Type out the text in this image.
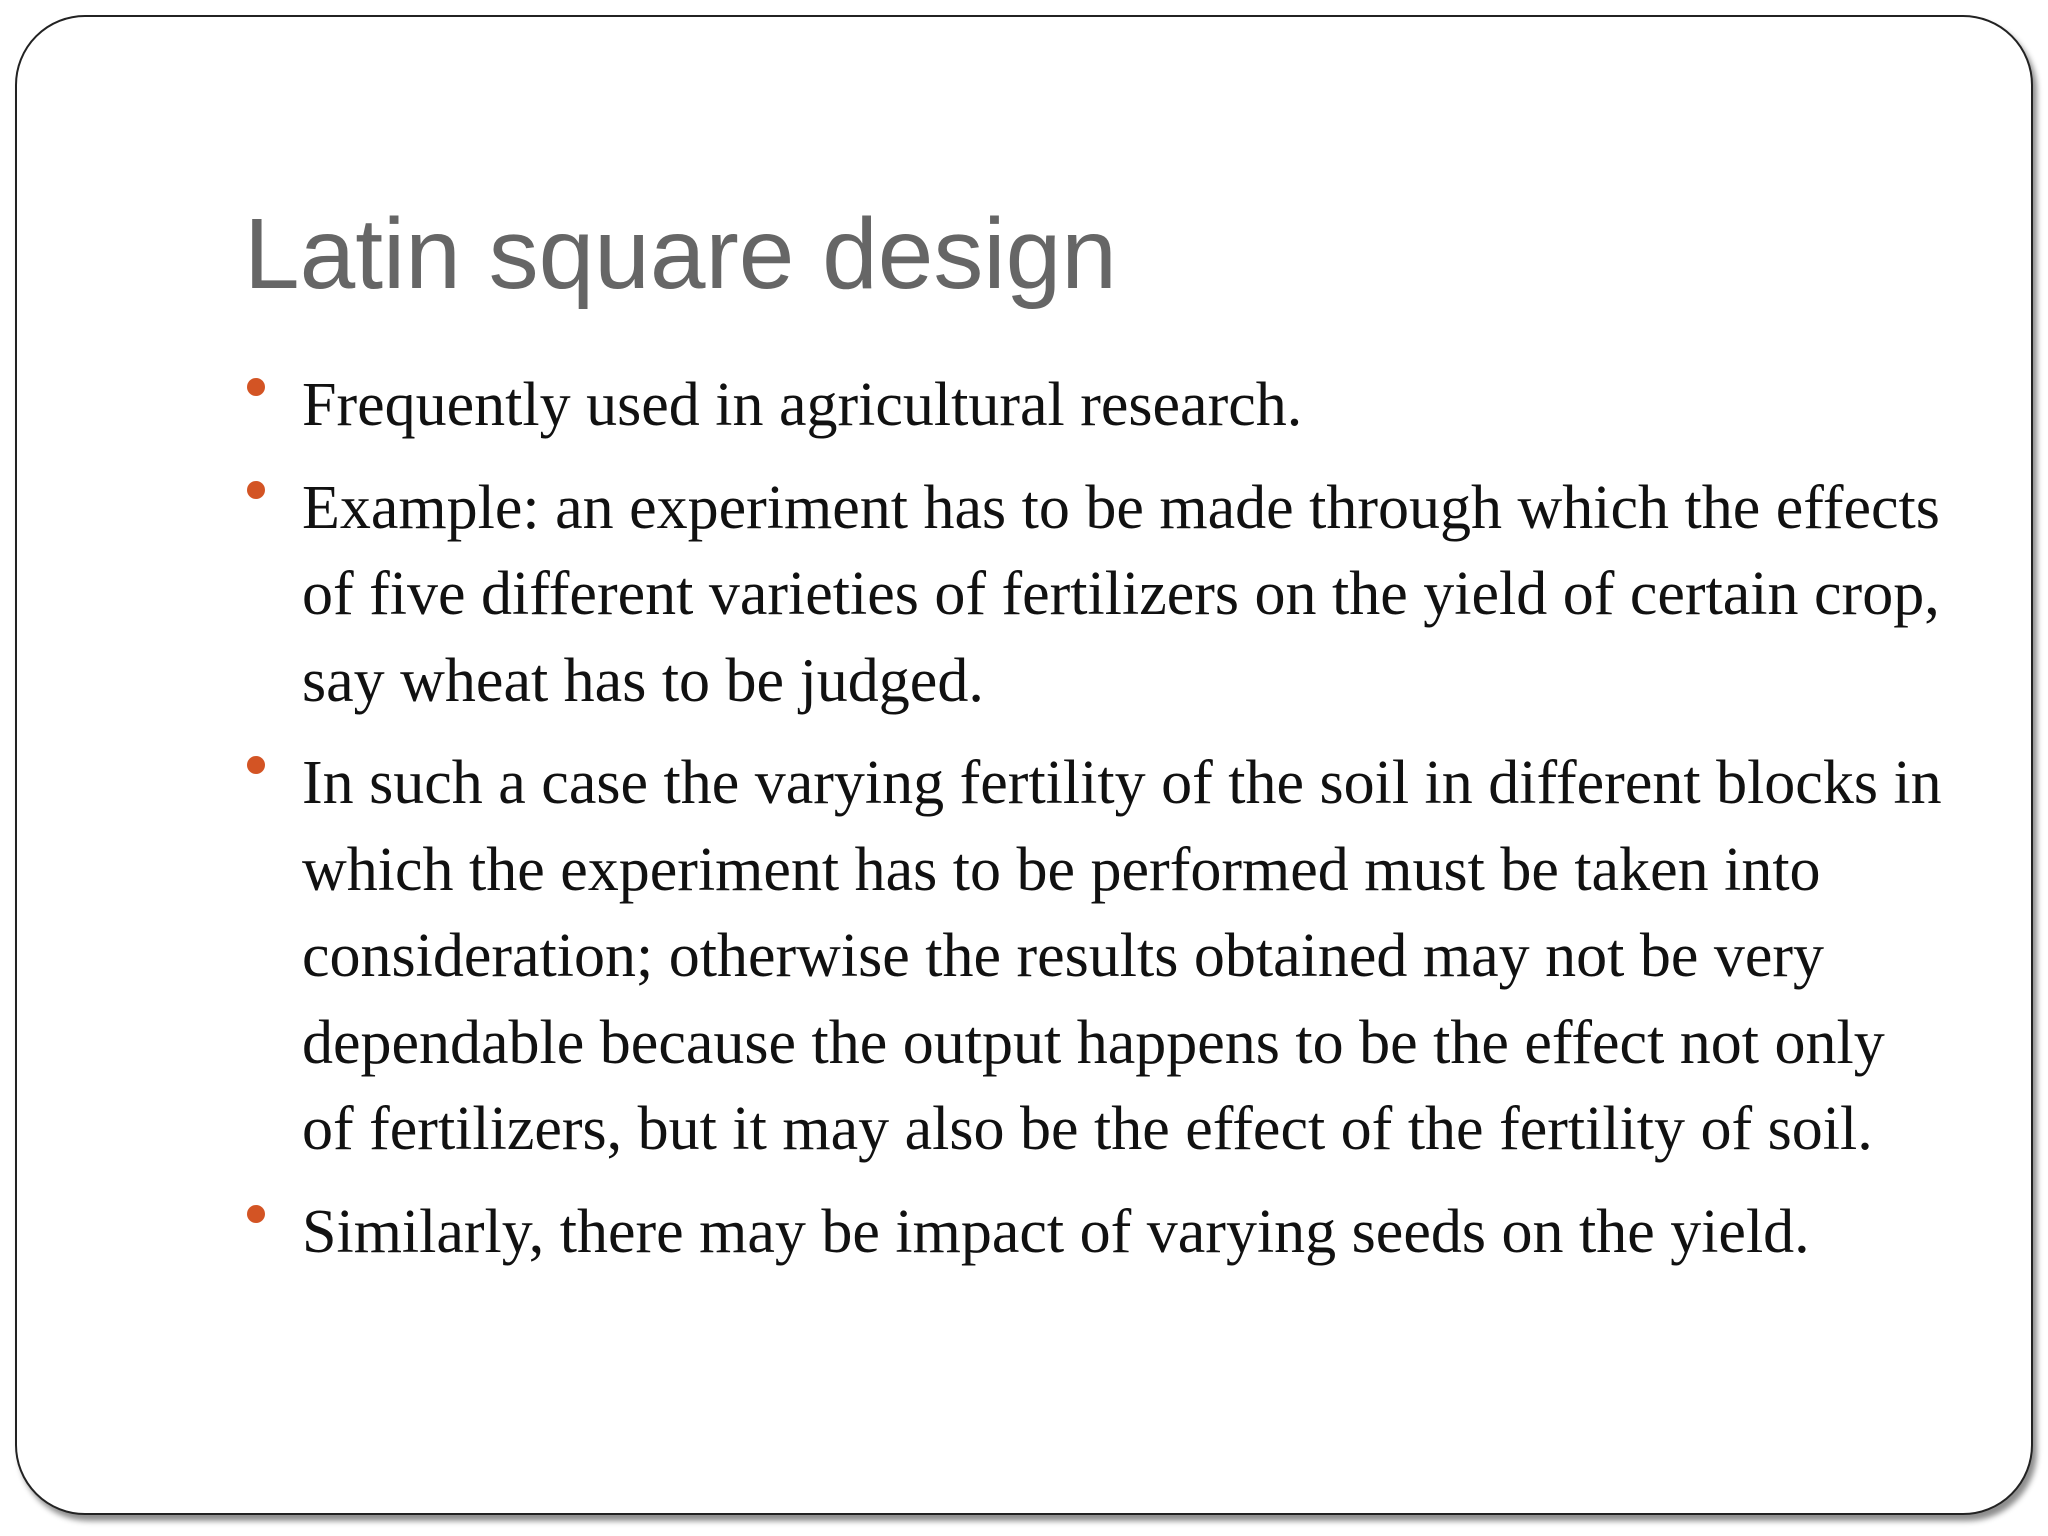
Latin square design
Frequently used in agricultural research.
Example: an experiment has to be made through which the effects of five different varieties of fertilizers on the yield of certain crop, say wheat has to be judged.
In such a case the varying fertility of the soil in different blocks in which the experiment has to be performed must be taken into consideration; otherwise the results obtained may not be very dependable because the output happens to be the effect not only of fertilizers, but it may also be the effect of the fertility of soil.
Similarly, there may be impact of varying seeds on the yield.
